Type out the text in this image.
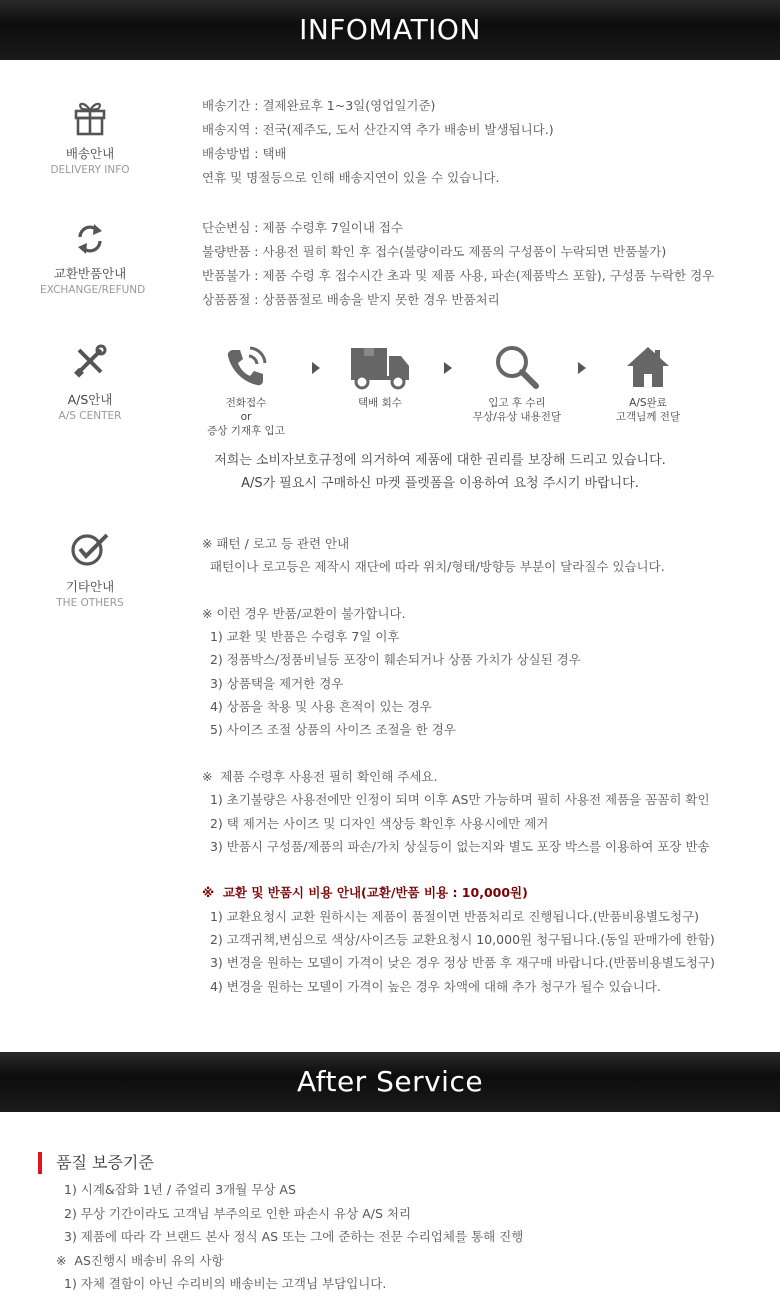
INFOMATION
배송안내
DELIVERY INFO
배송기간 : 결제완료후 1~3일(영업일기준)
배송지역 : 전국(제주도, 도서 산간지역 추가 배송비 발생됩니다.)
배송방법 : 택배
연휴 및 명절등으로 인해 배송지연이 있을 수 있습니다.
교환반품안내
EXCHANGE/REFUND
단순변심 : 제품 수령후 7일이내 접수
불량반품 : 사용전 필히 확인 후 접수(불량이라도 제품의 구성품이 누락되면 반품불가)
반품불가 : 제품 수령 후 접수시간 초과 및 제품 사용, 파손(제품박스 포함), 구성품 누락한 경우
상품품절 : 상품품절로 배송을 받지 못한 경우 반품처리
A/S안내
A/S CENTER
전화접수
or
증상 기재후 입고
택배 회수	입고 후 수리
무상/유상 내용전달
A/S완료
고객님께 전달
저희는 소비자보호규정에 의거하여 제품에 대한 권리를 보장해 드리고 있습니다.
A/S가 필요시 구매하신 마켓 플렛폼을 이용하여 요청 주시기 바랍니다.
기타안내
THE OTHERS
※ 패턴 / 로고 등 관련 안내
패턴이나 로고등은 제작시 재단에 따라 위치/형태/방향등 부분이 달라질수 있습니다.

※ 이런 경우 반품/교환이 불가합니다.
1) 교환 및 반품은 수령후 7일 이후
2) 정품박스/정품비닐등 포장이 훼손되거나 상품 가치가 상실된 경우
3) 상품택을 제거한 경우
4) 상품을 착용 및 사용 흔적이 있는 경우
5) 사이즈 조절 상품의 사이즈 조절을 한 경우

※  제품 수령후 사용전 필히 확인해 주세요.
1) 초기불량은 사용전에만 인정이 되며 이후 AS만 가능하며 필히 사용전 제품을 꼼꼼히 확인
2) 택 제거는 사이즈 및 디자인 색상등 확인후 사용시에만 제거
3) 반품시 구성품/제품의 파손/가치 상실등이 없는지와 별도 포장 박스를 이용하여 포장 반송

※  교환 및 반품시 비용 안내(교환/반품 비용 : 10,000원)
1) 교환요청시 교환 원하시는 제품이 품절이면 반품처리로 진행됩니다.(반품비용별도청구)
2) 고객귀책,변심으로 색상/사이즈등 교환요청시 10,000원 청구됩니다.(동일 판매가에 한함)
3) 변경을 원하는 모델이 가격이 낮은 경우 정상 반품 후 재구매 바랍니다.(반품비용별도청구)
4) 변경을 원하는 모델이 가격이 높은 경우 차액에 대해 추가 청구가 될수 있습니다.
After Service
품질 보증기준
1) 시계&잡화 1년 / 쥬얼리 3개월 무상 AS
2) 무상 기간이라도 고객님 부주의로 인한 파손시 유상 A/S 처리
3) 제품에 따라 각 브랜드 본사 정식 AS 또는 그에 준하는 전문 수리업체를 통해 진행
※  AS진행시 배송비 유의 사항
1) 자체 결함이 아닌 수리비의 배송비는 고객님 부담입니다.
